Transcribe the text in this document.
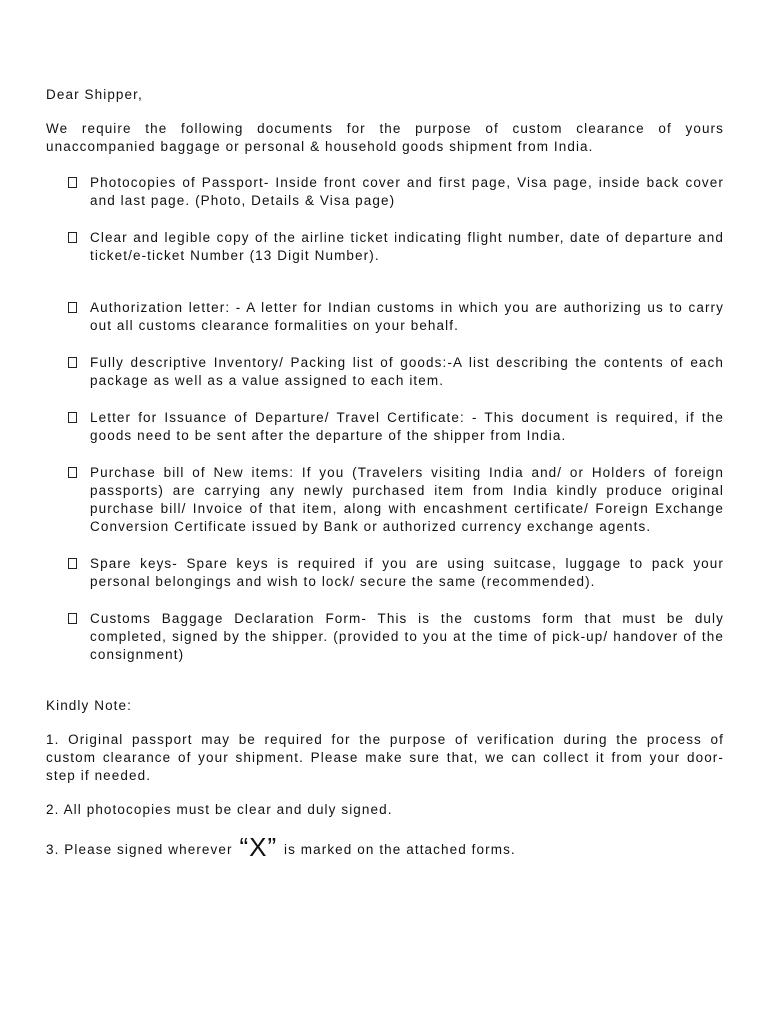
Dear Shipper,
We require the following documents for the purpose of custom clearance of yours unaccompanied baggage or personal & household goods shipment from India.
Photocopies of Passport- Inside front cover and first page, Visa page, inside back cover and last page. (Photo, Details & Visa page)
Clear and legible copy of the airline ticket indicating flight number, date of departure and ticket/e-ticket Number (13 Digit Number).
Authorization letter: - A letter for Indian customs in which you are authorizing us to carry out all customs clearance formalities on your behalf.
Fully descriptive Inventory/ Packing list of goods:-A list describing the contents of each package as well as a value assigned to each item.
Letter for Issuance of Departure/ Travel Certificate: - This document is required, if the goods need to be sent after the departure of the shipper from India.
Purchase bill of New items: If you (Travelers visiting India and/ or Holders of foreign passports) are carrying any newly purchased item from India kindly produce original purchase bill/ Invoice of that item, along with encashment certificate/ Foreign Exchange Conversion Certificate issued by Bank or authorized currency exchange agents.
Spare keys- Spare keys is required if you are using suitcase, luggage to pack your personal belongings and wish to lock/ secure the same (recommended).
Customs Baggage Declaration Form- This is the customs form that must be duly completed, signed by the shipper. (provided to you at the time of pick-up/ handover of the consignment)
Kindly Note:
1. Original passport may be required for the purpose of verification during the process of custom clearance of your shipment. Please make sure that, we can collect it from your door-step if needed.
2. All photocopies must be clear and duly signed.
3. Please signed wherever “X” is marked on the attached forms.
